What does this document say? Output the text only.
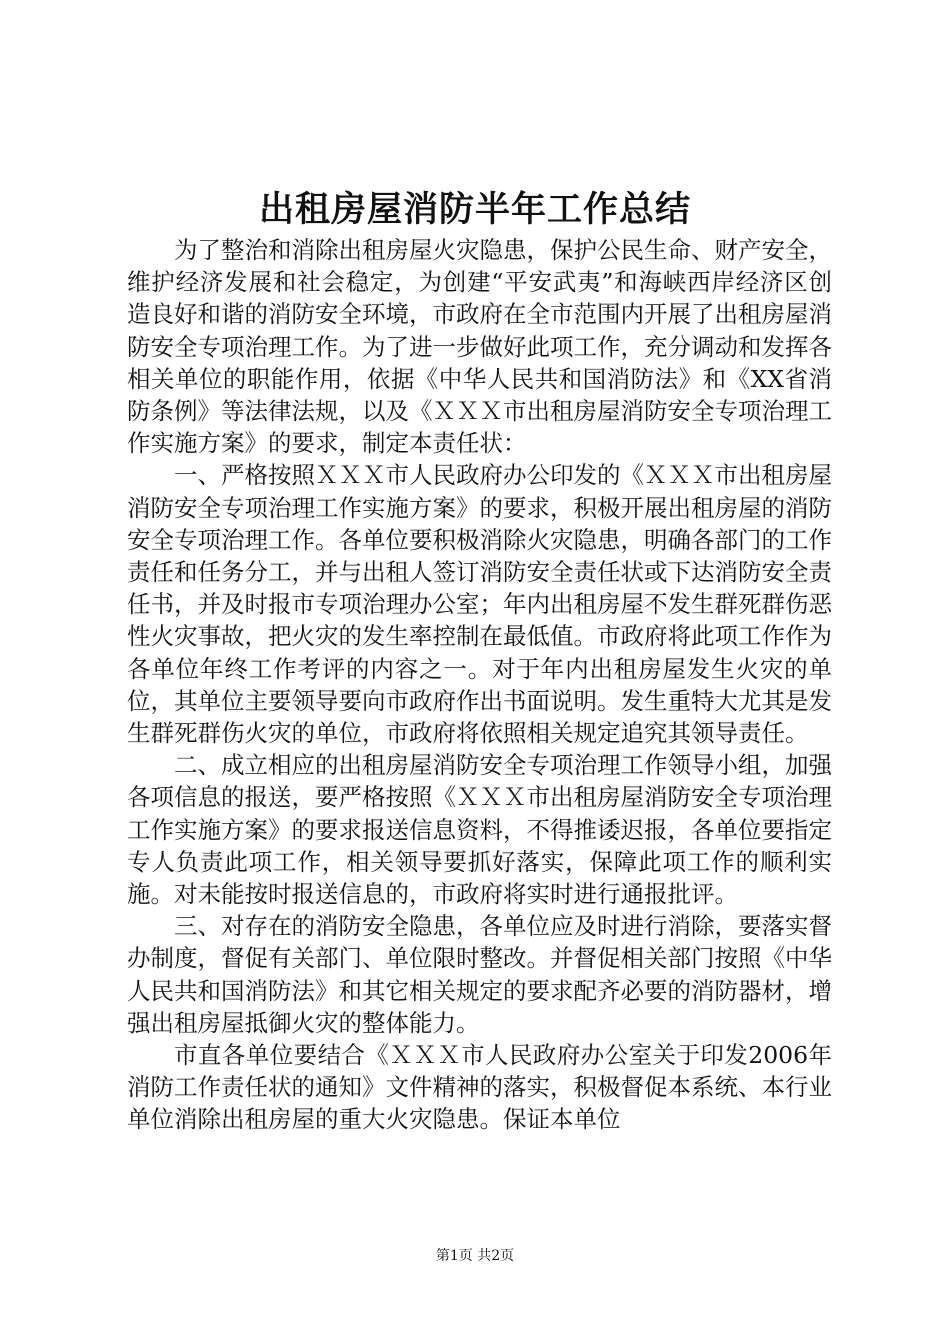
出租房屋消防半年工作总结

为了整治和消除出租房屋火灾隐患，保护公民生命、财产安全，维护经济发展和社会稳定，为创建“平安武夷”和海峡西岸经济区创造良好和谐的消防安全环境，市政府在全市范围内开展了出租房屋消防安全专项治理工作。为了进一步做好此项工作，充分调动和发挥各相关单位的职能作用，依据《中华人民共和国消防法》和《XX省消防条例》等法律法规，以及《ＸＸＸ市出租房屋消防安全专项治理工作实施方案》的要求，制定本责任状：

一、严格按照ＸＸＸ市人民政府办公印发的《ＸＸＸ市出租房屋消防安全专项治理工作实施方案》的要求，积极开展出租房屋的消防安全专项治理工作。各单位要积极消除火灾隐患，明确各部门的工作责任和任务分工，并与出租人签订消防安全责任状或下达消防安全责任书，并及时报市专项治理办公室；年内出租房屋不发生群死群伤恶性火灾事故，把火灾的发生率控制在最低值。市政府将此项工作作为各单位年终工作考评的内容之一。对于年内出租房屋发生火灾的单位，其单位主要领导要向市政府作出书面说明。发生重特大尤其是发生群死群伤火灾的单位，市政府将依照相关规定追究其领导责任。

二、成立相应的出租房屋消防安全专项治理工作领导小组，加强各项信息的报送，要严格按照《ＸＸＸ市出租房屋消防安全专项治理工作实施方案》的要求报送信息资料，不得推诿迟报，各单位要指定专人负责此项工作，相关领导要抓好落实，保障此项工作的顺利实施。对未能按时报送信息的，市政府将实时进行通报批评。

三、对存在的消防安全隐患，各单位应及时进行消除，要落实督办制度，督促有关部门、单位限时整改。并督促相关部门按照《中华人民共和国消防法》和其它相关规定的要求配齐必要的消防器材，增强出租房屋抵御火灾的整体能力。

市直各单位要结合《ＸＸＸ市人民政府办公室关于印发2006年消防工作责任状的通知》文件精神的落实，积极督促本系统、本行业单位消除出租房屋的重大火灾隐患。保证本单位

第1页 共2页
